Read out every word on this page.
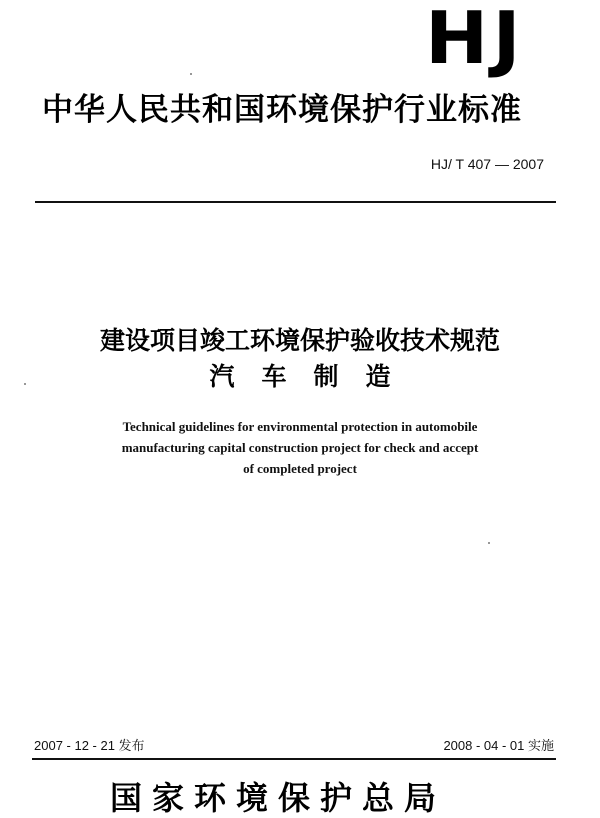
HJ
中华人民共和国环境保护行业标准
HJ/ T 407 — 2007
建设项目竣工环境保护验收技术规范
汽车制造
Technical guidelines for environmental protection in automobile
manufacturing capital construction project for check and accept
of completed project
2007 - 12 - 21 发布	2008 - 04 - 01 实施
国家环境保护总局
